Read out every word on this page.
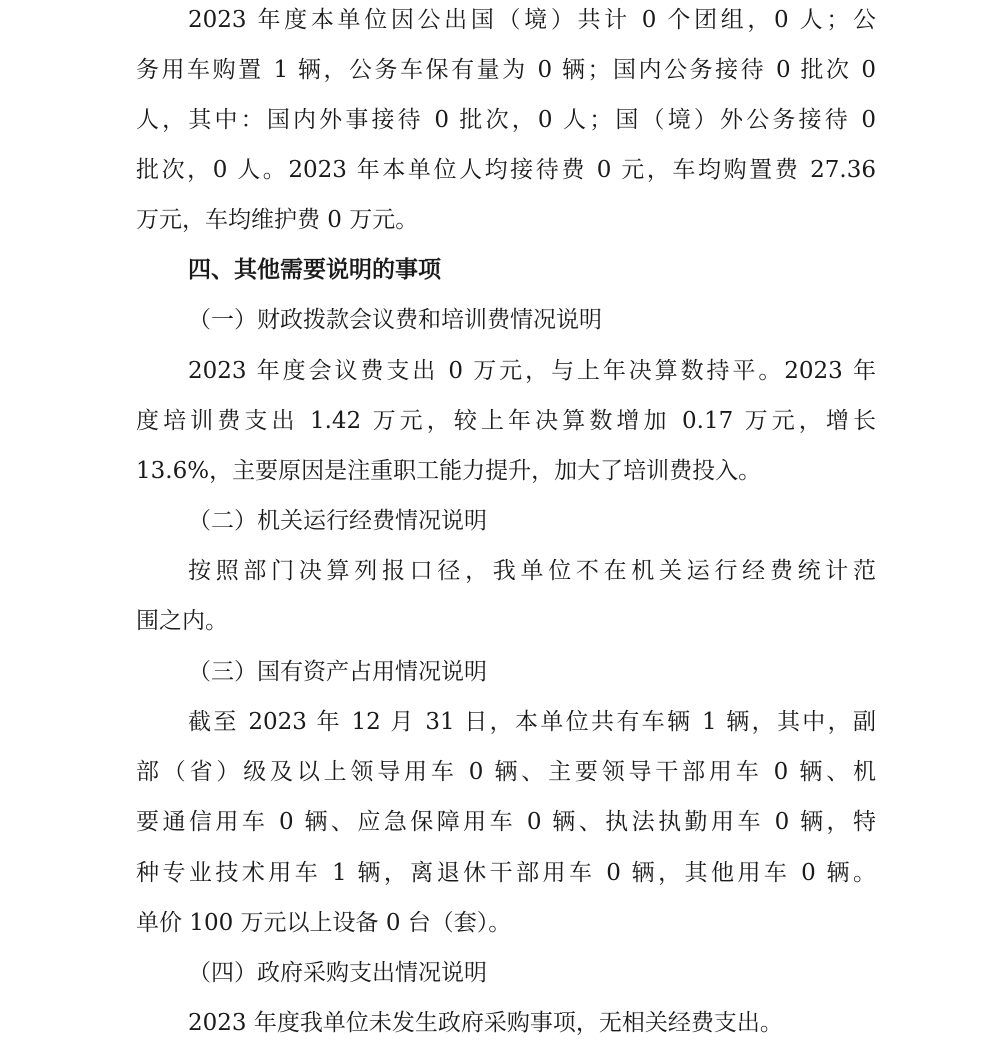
2023 年度本单位因公出国（境）共计 0 个团组，0 人；公
务用车购置 1 辆，公务车保有量为 0 辆；国内公务接待 0 批次 0
人，其中：国内外事接待 0 批次，0 人；国（境）外公务接待 0
批次，0 人。2023 年本单位人均接待费 0 元，车均购置费 27.36
万元，车均维护费 0 万元。
四、其他需要说明的事项
（一）财政拨款会议费和培训费情况说明
2023 年度会议费支出 0 万元，与上年决算数持平。2023 年
度培训费支出 1.42 万元，较上年决算数增加 0.17 万元，增长
13.6%，主要原因是注重职工能力提升，加大了培训费投入。
（二）机关运行经费情况说明
按照部门决算列报口径，我单位不在机关运行经费统计范
围之内。
（三）国有资产占用情况说明
截至 2023 年 12 月 31 日，本单位共有车辆 1 辆，其中，副
部（省）级及以上领导用车 0 辆、主要领导干部用车 0 辆、机
要通信用车 0 辆、应急保障用车 0 辆、执法执勤用车 0 辆，特
种专业技术用车 1 辆，离退休干部用车 0 辆，其他用车 0 辆。
单价 100 万元以上设备 0 台（套）。
（四）政府采购支出情况说明
2023 年度我单位未发生政府采购事项，无相关经费支出。
